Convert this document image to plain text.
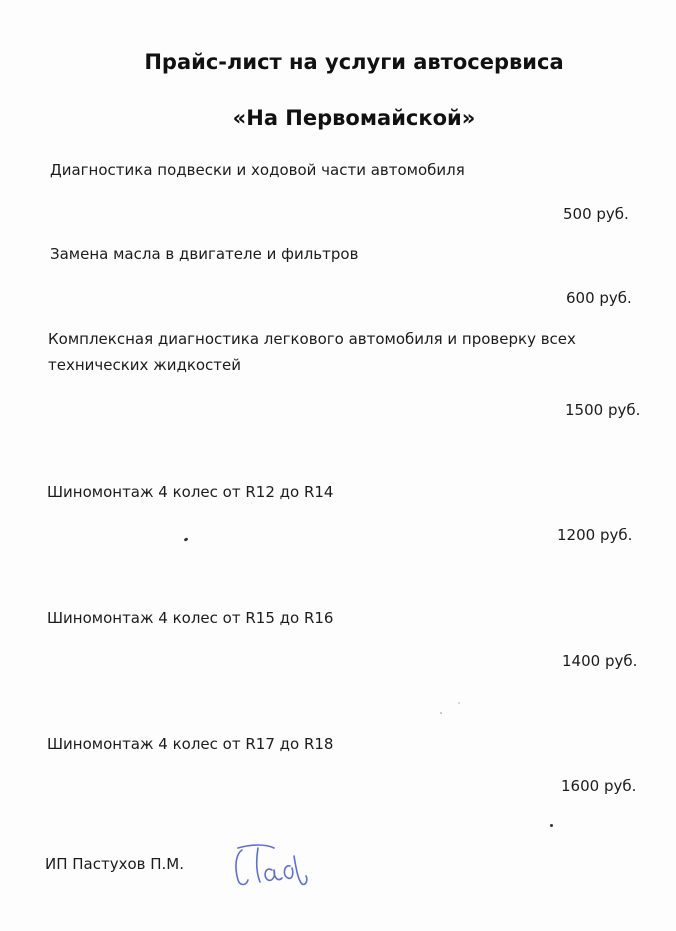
Прайс-лист на услуги автосервиса
«На Первомайской»
Диагностика подвески и ходовой части автомобиля
500 руб.
Замена масла в двигателе и фильтров
600 руб.
Комплексная диагностика легкового автомобиля и проверку всех
технических жидкостей
1500 руб.
Шиномонтаж 4 колес от R12 до R14
1200 руб.
Шиномонтаж 4 колес от R15 до R16
1400 руб.
Шиномонтаж 4 колес от R17 до R18
1600 руб.
ИП Пастухов П.М.
